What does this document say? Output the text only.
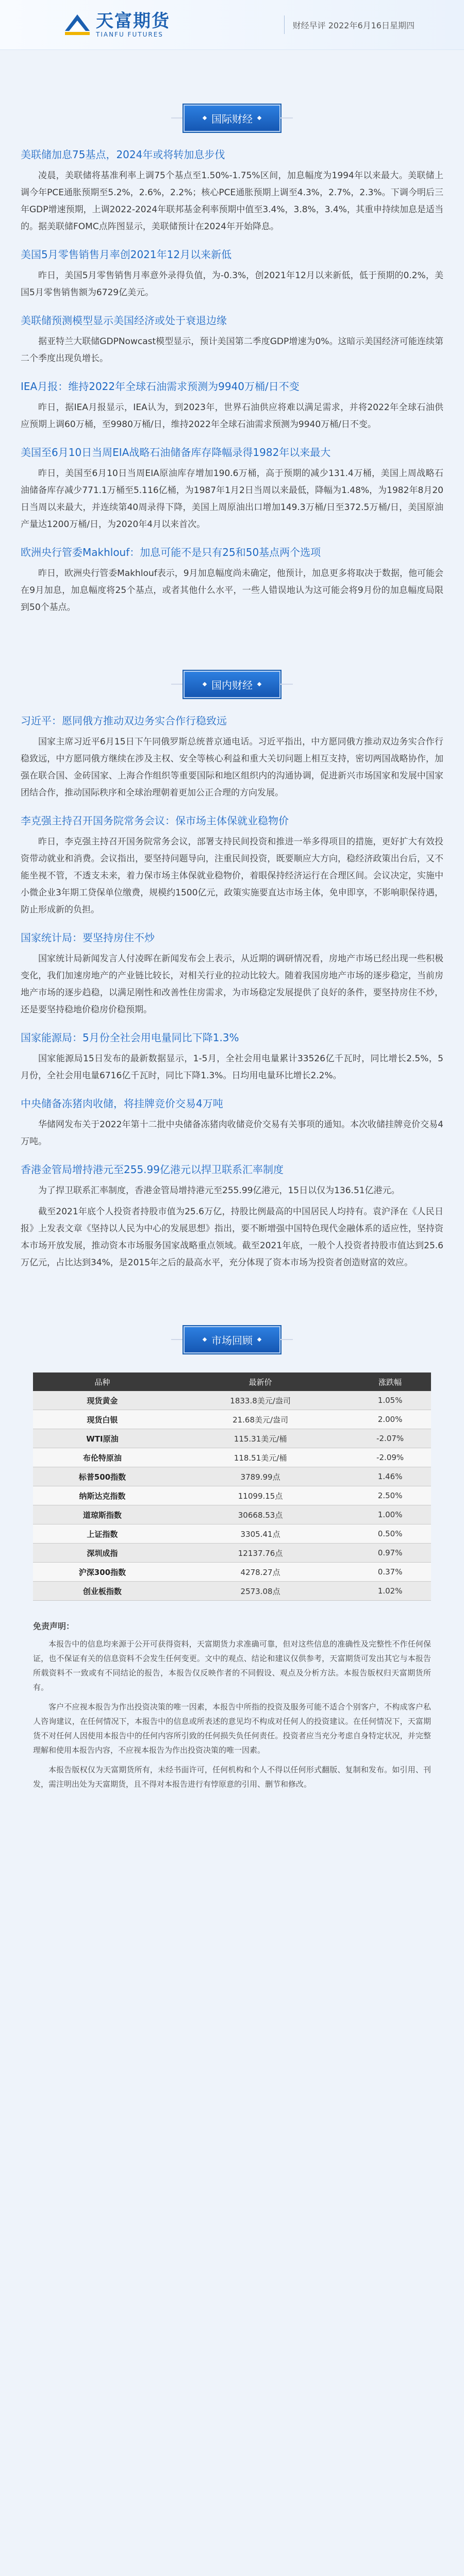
天富期货
TIANFU FUTURES
财经早评 2022年6月16日星期四
国际财经
美联储加息75基点，2024年或将转加息步伐

凌晨，美联储将基准利率上调75个基点至1.50%-1.75%区间，加息幅度为1994年以来最大。美联储上调今年PCE通胀预期至5.2%，2.6%，2.2%；核心PCE通胀预期上调至4.3%，2.7%，2.3%。下调今明后三年GDP增速预期，上调2022-2024年联邦基金利率预期中值至3.4%，3.8%，3.4%，其重申持续加息是适当的。据美联储FOMC点阵图显示，美联储预计在2024年开始降息。

美国5月零售销售月率创2021年12月以来新低

昨日，美国5月零售销售月率意外录得负值，为-0.3%，创2021年12月以来新低，低于预期的0.2%，美国5月零售销售额为6729亿美元。

美联储预测模型显示美国经济或处于衰退边缘

据亚特兰大联储GDPNowcast模型显示，预计美国第二季度GDP增速为0%。这暗示美国经济可能连续第二个季度出现负增长。

IEA月报：维持2022年全球石油需求预测为9940万桶/日不变

昨日，据IEA月报显示，IEA认为，到2023年，世界石油供应将难以满足需求，并将2022年全球石油供应预期上调60万桶，至9980万桶/日，维持2022年全球石油需求预测为9940万桶/日不变。

美国至6月10日当周EIA战略石油储备库存降幅录得1982年以来最大

昨日，美国至6月10日当周EIA原油库存增加190.6万桶，高于预期的减少131.4万桶，美国上周战略石油储备库存减少771.1万桶至5.116亿桶，为1987年1月2日当周以来最低，降幅为1.48%，为1982年8月20日当周以来最大，并连续第40周录得下降，美国上周原油出口增加149.3万桶/日至372.5万桶/日，美国原油产量达1200万桶/日，为2020年4月以来首次。

欧洲央行管委Makhlouf：加息可能不是只有25和50基点两个选项

昨日，欧洲央行管委Makhlouf表示，9月加息幅度尚未确定，他预计，加息更多将取决于数据，他可能会在9月加息，加息幅度将25个基点，或者其他什么水平，一些人错误地认为这可能会将9月份的加息幅度局限到50个基点。

国内财经
习近平：愿同俄方推动双边务实合作行稳致远

国家主席习近平6月15日下午同俄罗斯总统普京通电话。习近平指出，中方愿同俄方推动双边务实合作行稳致远，中方愿同俄方继续在涉及主权、安全等核心利益和重大关切问题上相互支持，密切两国战略协作，加强在联合国、金砖国家、上海合作组织等重要国际和地区组织内的沟通协调，促进新兴市场国家和发展中国家团结合作，推动国际秩序和全球治理朝着更加公正合理的方向发展。

李克强主持召开国务院常务会议：保市场主体保就业稳物价

昨日，李克强主持召开国务院常务会议，部署支持民间投资和推进一举多得项目的措施，更好扩大有效投资带动就业和消费。会议指出，要坚持问题导向，注重民间投资，既要顺应大方向，稳经济政策出台后，又不能坐视不管，不透支未来，着力保市场主体保就业稳物价，着眼保持经济运行在合理区间。会议决定，实施中小微企业3年期工贷保单位缴费，规模约1500亿元，政策实施要直达市场主体，免申即享，不影响职保待遇，防止形成新的负担。

国家统计局：要坚持房住不炒

国家统计局新闻发言人付凌晖在新闻发布会上表示，从近期的调研情况看，房地产市场已经出现一些积极变化，我们加速房地产的产业链比较长，对相关行业的拉动比较大。随着我国房地产市场的逐步稳定，当前房地产市场的逐步趋稳，以满足刚性和改善性住房需求，为市场稳定发展提供了良好的条件，要坚持房住不炒，还是要坚持稳地价稳房价稳预期。

国家能源局：5月份全社会用电量同比下降1.3%

国家能源局15日发布的最新数据显示，1-5月，全社会用电量累计33526亿千瓦时，同比增长2.5%，5月份，全社会用电量6716亿千瓦时，同比下降1.3%。日均用电量环比增长2.2%。

中央储备冻猪肉收储，将挂牌竞价交易4万吨

华储网发布关于2022年第十二批中央储备冻猪肉收储竞价交易有关事项的通知。本次收储挂牌竞价交易4万吨。

香港金管局增持港元至255.99亿港元以捍卫联系汇率制度

为了捍卫联系汇率制度，香港金管局增持港元至255.99亿港元，15日以仅为136.51亿港元。

截至2021年底个人投资者持股市值为25.6万亿，持股比例最高的中国居民人均持有。袁沪泽在《人民日报》上发表文章《坚持以人民为中心的发展思想》指出，要不断增强中国特色现代金融体系的适应性，坚持资本市场开放发展，推动资本市场服务国家战略重点领域。截至2021年底，一般个人投资者持股市值达到25.6万亿元，占比达到34%，是2015年之后的最高水平，充分体现了资本市场为投资者创造财富的效应。

市场回顾
品种	最新价	涨跌幅
现货黄金	1833.8美元/盎司	1.05%
现货白银	21.68美元/盎司	2.00%
WTI原油	115.31美元/桶	-2.07%
布伦特原油	118.51美元/桶	-2.09%
标普500指数	3789.99点	1.46%
纳斯达克指数	11099.15点	2.50%
道琼斯指数	30668.53点	1.00%
上证指数	3305.41点	0.50%
深圳成指	12137.76点	0.97%
沪深300指数	4278.27点	0.37%
创业板指数	2573.08点	1.02%
免责声明：

本报告中的信息均来源于公开可获得资料，天富期货力求准确可靠，但对这些信息的准确性及完整性不作任何保证，也不保证有关的信息资料不会发生任何变更。文中的观点、结论和建议仅供参考，天富期货可发出其它与本报告所载资料不一致或有不同结论的报告，本报告仅反映作者的不同假设、观点及分析方法。本报告版权归天富期货所有。

客户不应视本报告为作出投资决策的唯一因素，本报告中所指的投资及服务可能不适合个别客户，不构成客户私人咨询建议，在任何情况下，本报告中的信息或所表述的意见均不构成对任何人的投资建议。在任何情况下，天富期货不对任何人因使用本报告中的任何内容所引致的任何损失负任何责任。投资者应当充分考虑自身特定状况，并完整理解和使用本报告内容，不应视本报告为作出投资决策的唯一因素。

本报告版权仅为天富期货所有，未经书面许可，任何机构和个人不得以任何形式翻版、复制和发布。如引用、刊发，需注明出处为天富期货，且不得对本报告进行有悖原意的引用、删节和修改。
